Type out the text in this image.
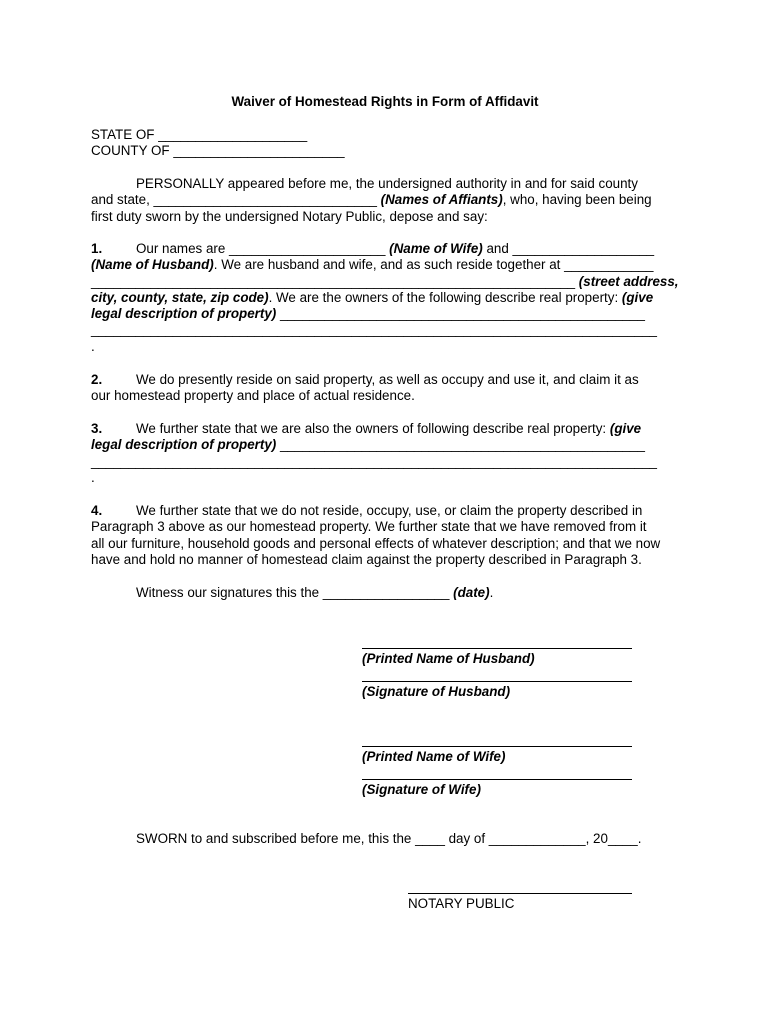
Waiver of Homestead Rights in Form of Affidavit
STATE OF ____________________
COUNTY OF _______________________
PERSONALLY appeared before me, the undersigned authority in and for said county
and state, ______________________________ (Names of Affiants), who, having been being
first duty sworn by the undersigned Notary Public, depose and say:
1.	Our names are _____________________ (Name of Wife) and ___________________
(Name of Husband). We are husband and wife, and as such reside together at ____________
_________________________________________________________________ (street address,
city, county, state, zip code). We are the owners of the following describe real property: (give
legal description of property) _________________________________________________
____________________________________________________________________________
.
2.	We do presently reside on said property, as well as occupy and use it, and claim it as
our homestead property and place of actual residence.
3.	We further state that we are also the owners of following describe real property: (give
legal description of property) _________________________________________________
____________________________________________________________________________
.
4.	We further state that we do not reside, occupy, use, or claim the property described in
Paragraph 3 above as our homestead property. We further state that we have removed from it
all our furniture, household goods and personal effects of whatever description; and that we now
have and hold no manner of homestead claim against the property described in Paragraph 3.
Witness our signatures this the _________________ (date).
(Printed Name of Husband)
(Signature of Husband)
(Printed Name of Wife)
(Signature of Wife)
SWORN to and subscribed before me, this the ____ day of _____________, 20____.
NOTARY PUBLIC
